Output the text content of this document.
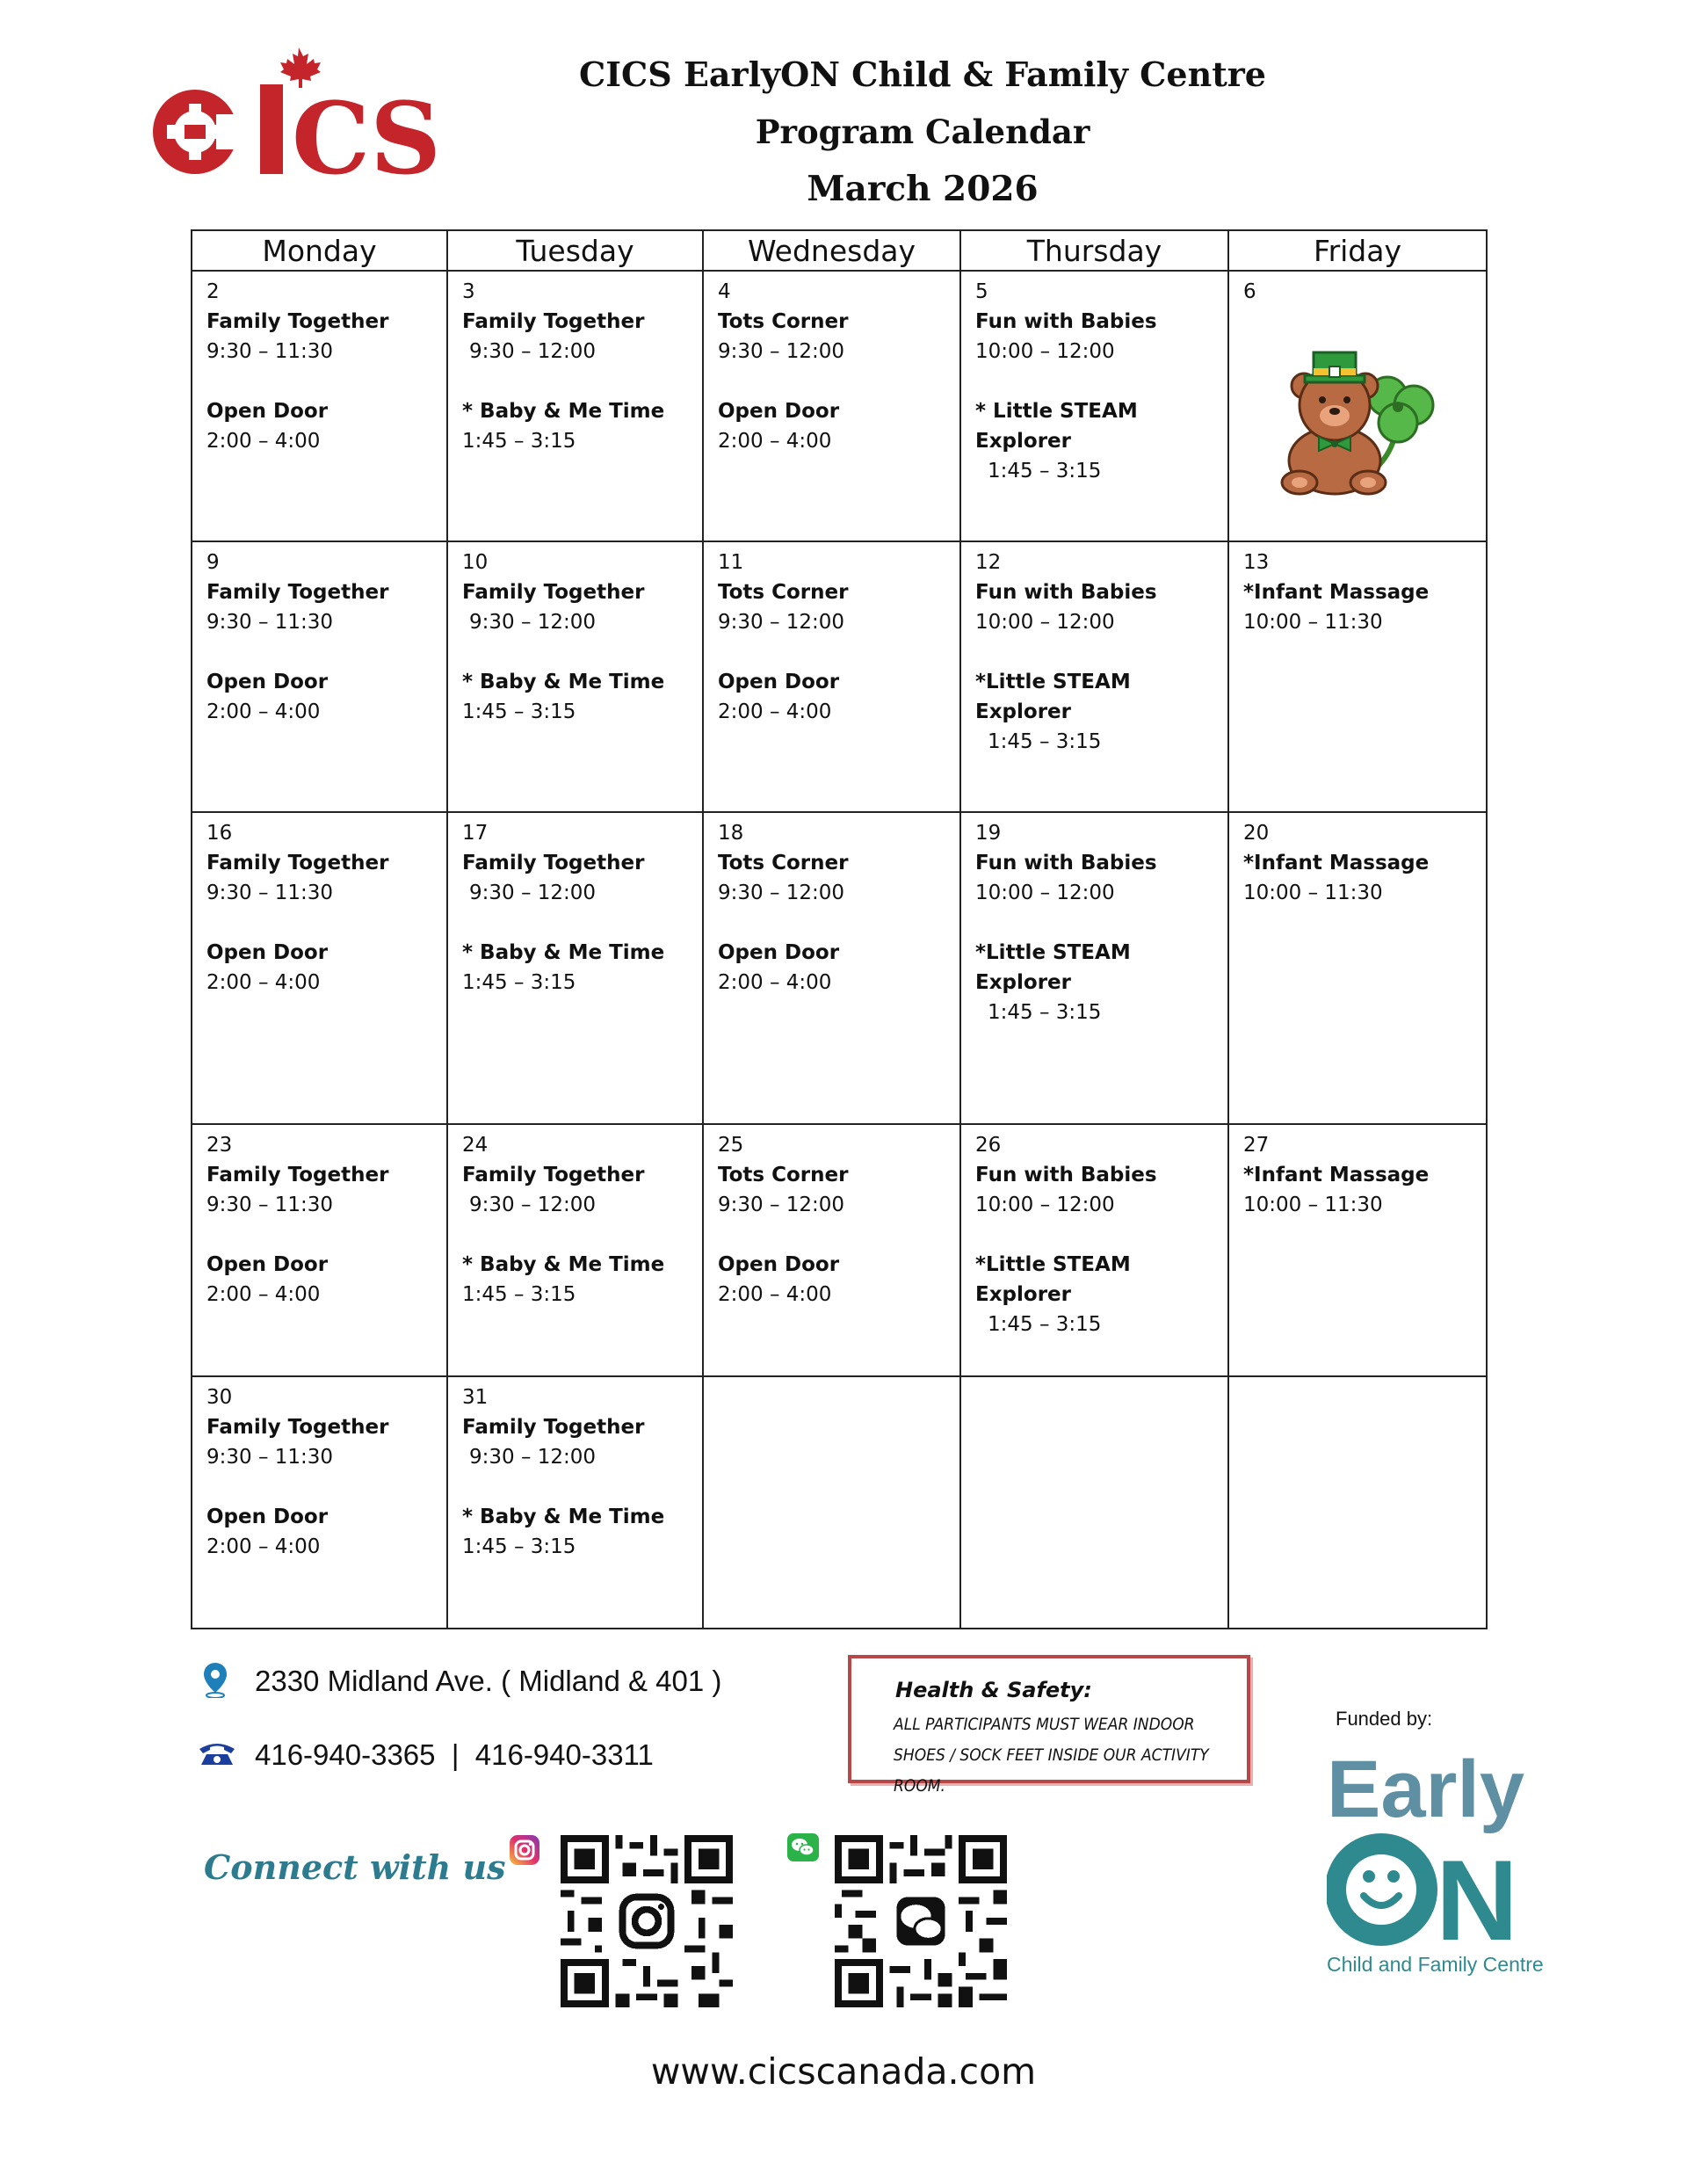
CS
CICS EarlyON Child & Family Centre
Program Calendar
March 2026
Monday	Tuesday	Wednesday	Thursday	Friday

2
Family Together
9:30 – 11:30
Open Door
2:00 – 4:00	3
Family Together
9:30 – 12:00
* Baby & Me Time
1:45 – 3:15	4
Tots Corner
9:30 – 12:00
Open Door
2:00 – 4:00	5
Fun with Babies
10:00 – 12:00
* Little STEAM Explorer
1:45 – 3:15	6

9
Family Together
9:30 – 11:30
Open Door
2:00 – 4:00	10
Family Together
9:30 – 12:00
* Baby & Me Time
1:45 – 3:15	11
Tots Corner
9:30 – 12:00
Open Door
2:00 – 4:00	12
Fun with Babies
10:00 – 12:00
*Little STEAM Explorer
1:45 – 3:15	13
*Infant Massage
10:00 – 11:30

16
Family Together
9:30 – 11:30
Open Door
2:00 – 4:00	17
Family Together
9:30 – 12:00
* Baby & Me Time
1:45 – 3:15	18
Tots Corner
9:30 – 12:00
Open Door
2:00 – 4:00	19
Fun with Babies
10:00 – 12:00
*Little STEAM Explorer
1:45 – 3:15	20
*Infant Massage
10:00 – 11:30

23
Family Together
9:30 – 11:30
Open Door
2:00 – 4:00	24
Family Together
9:30 – 12:00
* Baby & Me Time
1:45 – 3:15	25
Tots Corner
9:30 – 12:00
Open Door
2:00 – 4:00	26
Fun with Babies
10:00 – 12:00
*Little STEAM Explorer
1:45 – 3:15	27
*Infant Massage
10:00 – 11:30

30
Family Together
9:30 – 11:30
Open Door
2:00 – 4:00	31
Family Together
9:30 – 12:00
* Baby & Me Time
1:45 – 3:15			

2330 Midland Ave. ( Midland & 401 )
416-940-3365  |  416-940-3311
Connect with us
Health & Safety:
ALL PARTICIPANTS MUST WEAR INDOOR SHOES / SOCK FEET INSIDE OUR ACTIVITY ROOM.
Funded by:
Early
N
Child and Family Centre
www.cicscanada.com
